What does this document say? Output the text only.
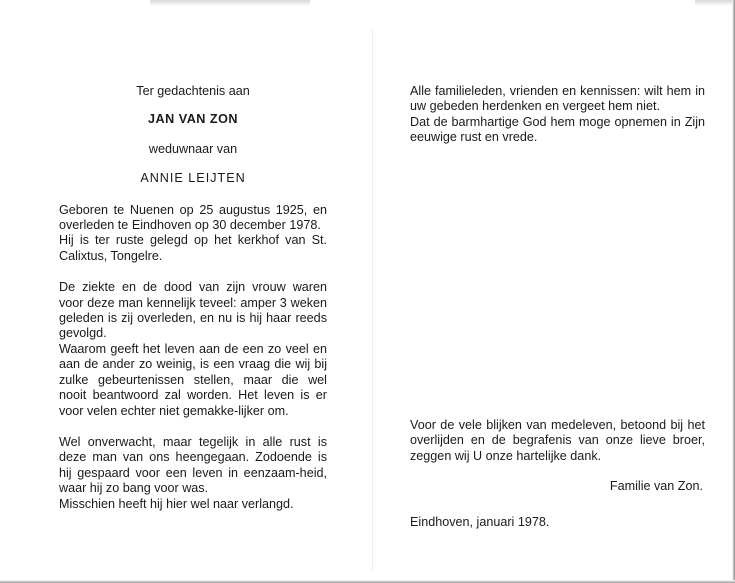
Ter gedachtenis aan
JAN VAN ZON
weduwnaar van
ANNIE LEIJTEN

Geboren te Nuenen op 25 augustus 1925, en overleden te Eindhoven op 30 december 1978.

Hij is ter ruste gelegd op het kerkhof van St. Calixtus, Tongelre.

De ziekte en de dood van zijn vrouw waren voor deze man kennelijk teveel: amper 3 weken geleden is zij overleden, en nu is hij haar reeds gevolgd.

Waarom geeft het leven aan de een zo veel en aan de ander zo weinig, is een vraag die wij bij zulke gebeurtenissen stellen, maar die wel nooit beantwoord zal worden. Het leven is er voor velen echter niet gemakke-lijker om.

Wel onverwacht, maar tegelijk in alle rust is deze man van ons heengegaan. Zodoende is hij gespaard voor een leven in eenzaam-heid, waar hij zo bang voor was.

Misschien heeft hij hier wel naar verlangd.

Alle familieleden, vrienden en kennissen: wilt hem in uw gebeden herdenken en vergeet hem niet.

Dat de barmhartige God hem moge opnemen in Zijn eeuwige rust en vrede.

Voor de vele blijken van medeleven, betoond bij het overlijden en de begrafenis van onze lieve broer, zeggen wij U onze hartelijke dank.

Familie van Zon.
Eindhoven, januari 1978.
